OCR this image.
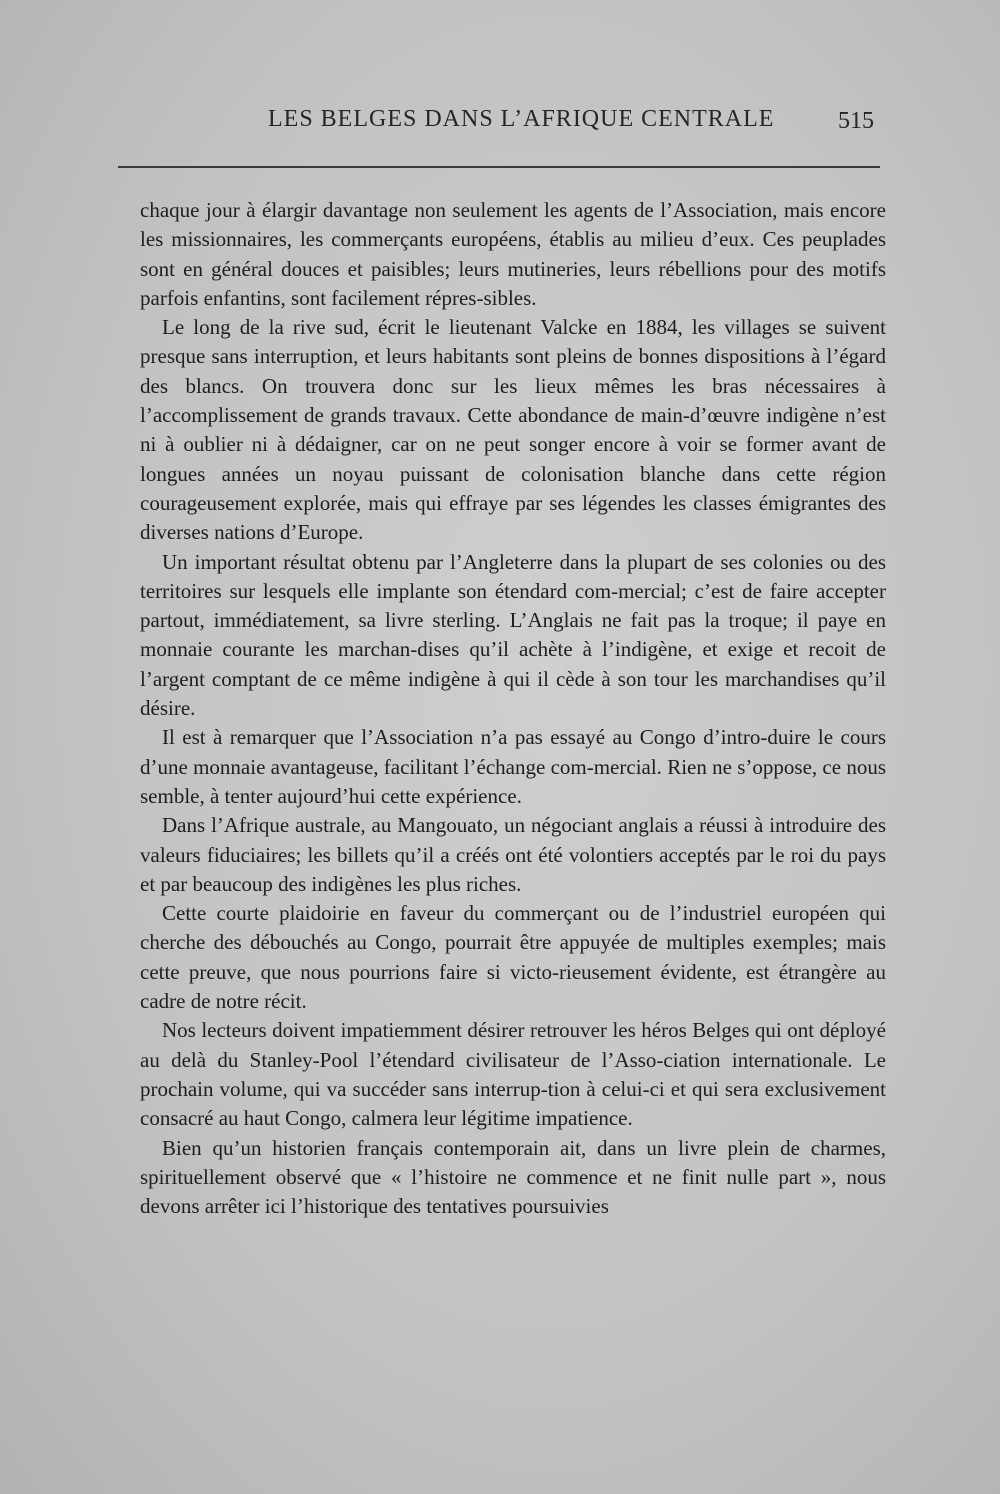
LES BELGES DANS L’AFRIQUE CENTRALE	515

chaque jour à élargir davantage non seulement les agents de l’Association, mais encore les missionnaires, les commerçants européens, établis au milieu d’eux. Ces peuplades sont en général douces et paisibles; leurs mutineries, leurs rébellions pour des motifs parfois enfantins, sont facilement répres-sibles.

Le long de la rive sud, écrit le lieutenant Valcke en 1884, les villages se suivent presque sans interruption, et leurs habitants sont pleins de bonnes dispositions à l’égard des blancs. On trouvera donc sur les lieux mêmes les bras nécessaires à l’accomplissement de grands travaux. Cette abondance de main-d’œuvre indigène n’est ni à oublier ni à dédaigner, car on ne peut songer encore à voir se former avant de longues années un noyau puissant de colonisation blanche dans cette région courageusement explorée, mais qui effraye par ses légendes les classes émigrantes des diverses nations d’Europe.

Un important résultat obtenu par l’Angleterre dans la plupart de ses colonies ou des territoires sur lesquels elle implante son étendard com-mercial; c’est de faire accepter partout, immédiatement, sa livre sterling. L’Anglais ne fait pas la troque; il paye en monnaie courante les marchan-dises qu’il achète à l’indigène, et exige et recoit de l’argent comptant de ce même indigène à qui il cède à son tour les marchandises qu’il désire.

Il est à remarquer que l’Association n’a pas essayé au Congo d’intro-duire le cours d’une monnaie avantageuse, facilitant l’échange com-mercial. Rien ne s’oppose, ce nous semble, à tenter aujourd’hui cette expérience.

Dans l’Afrique australe, au Mangouato, un négociant anglais a réussi à introduire des valeurs fiduciaires; les billets qu’il a créés ont été volontiers acceptés par le roi du pays et par beaucoup des indigènes les plus riches.

Cette courte plaidoirie en faveur du commerçant ou de l’industriel européen qui cherche des débouchés au Congo, pourrait être appuyée de multiples exemples; mais cette preuve, que nous pourrions faire si victo-rieusement évidente, est étrangère au cadre de notre récit.

Nos lecteurs doivent impatiemment désirer retrouver les héros Belges qui ont déployé au delà du Stanley-Pool l’étendard civilisateur de l’Asso-ciation internationale. Le prochain volume, qui va succéder sans interrup-tion à celui-ci et qui sera exclusivement consacré au haut Congo, calmera leur légitime impatience.

Bien qu’un historien français contemporain ait, dans un livre plein de charmes, spirituellement observé que « l’histoire ne commence et ne finit nulle part », nous devons arrêter ici l’historique des tentatives poursuivies
